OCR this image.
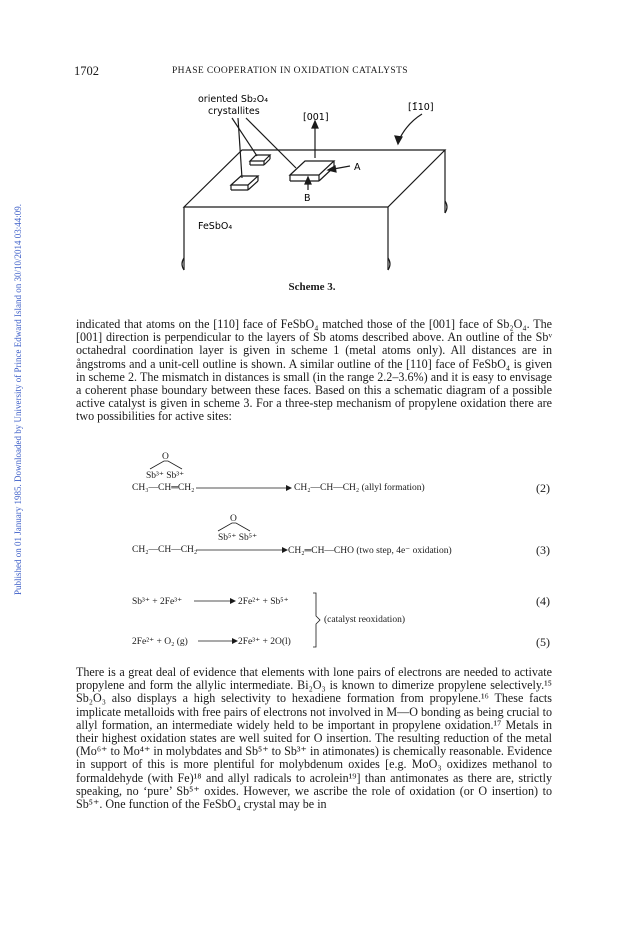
Published on 01 January 1985. Downloaded by University of Prince Edward Island on 30/10/2014 03:44:09.
1702	PHASE COOPERATION IN OXIDATION CATALYSTS
oriented Sb₂O₄
crystallites
[001]
[1̄10]
A
B
FeSbO₄
Scheme 3.

indicated that atoms on the [110] face of FeSbO₄ matched those of the [001] face of Sb₂O₄. The [001] direction is perpendicular to the layers of Sb atoms described above. An outline of the Sbᵛ octahedral coordination layer is given in scheme 1 (metal atoms only). All distances are in ångstroms and a unit-cell outline is shown. A similar outline of the [110] face of FeSbO₄ is given in scheme 2. The mismatch in distances is small (in the range 2.2–3.6%) and it is easy to envisage a coherent phase boundary between these faces. Based on this a schematic diagram of a possible active catalyst is given in scheme 3. For a three-step mechanism of propylene oxidation there are two possibilities for active sites:

O
Sb³⁺ Sb³⁺
CH₃—CH═CH₂	CH₂—CH—CH₂ (allyl formation)	(2)
O
Sb⁵⁺ Sb⁵⁺
CH₂—CH—CH₂	CH₂═CH—CHO (two step, 4e⁻ oxidation)	(3)
Sb³⁺ + 2Fe³⁺	2Fe²⁺ + Sb⁵⁺	(4)
(catalyst reoxidation)
2Fe²⁺ + O₂ (g)	2Fe³⁺ + 2O(l)	(5)

There is a great deal of evidence that elements with lone pairs of electrons are needed to activate propylene and form the allylic intermediate. Bi₂O₃ is known to dimerize propylene selectively.¹⁵ Sb₂O₃ also displays a high selectivity to hexadiene formation from propylene.¹⁶ These facts implicate metalloids with free pairs of electrons not involved in M—O bonding as being crucial to allyl formation, an intermediate widely held to be important in propylene oxidation.¹⁷ Metals in their highest oxidation states are well suited for O insertion. The resulting reduction of the metal (Mo⁶⁺ to Mo⁴⁺ in molybdates and Sb⁵⁺ to Sb³⁺ in atimonates) is chemically reasonable. Evidence in support of this is more plentiful for molybdenum oxides [e.g. MoO₃ oxidizes methanol to formaldehyde (with Fe)¹⁸ and allyl radicals to acrolein¹⁹] than antimonates as there are, strictly speaking, no ‘pure’ Sb⁵⁺ oxides. However, we ascribe the role of oxidation (or O insertion) to Sb⁵⁺. One function of the FeSbO₄ crystal may be in
